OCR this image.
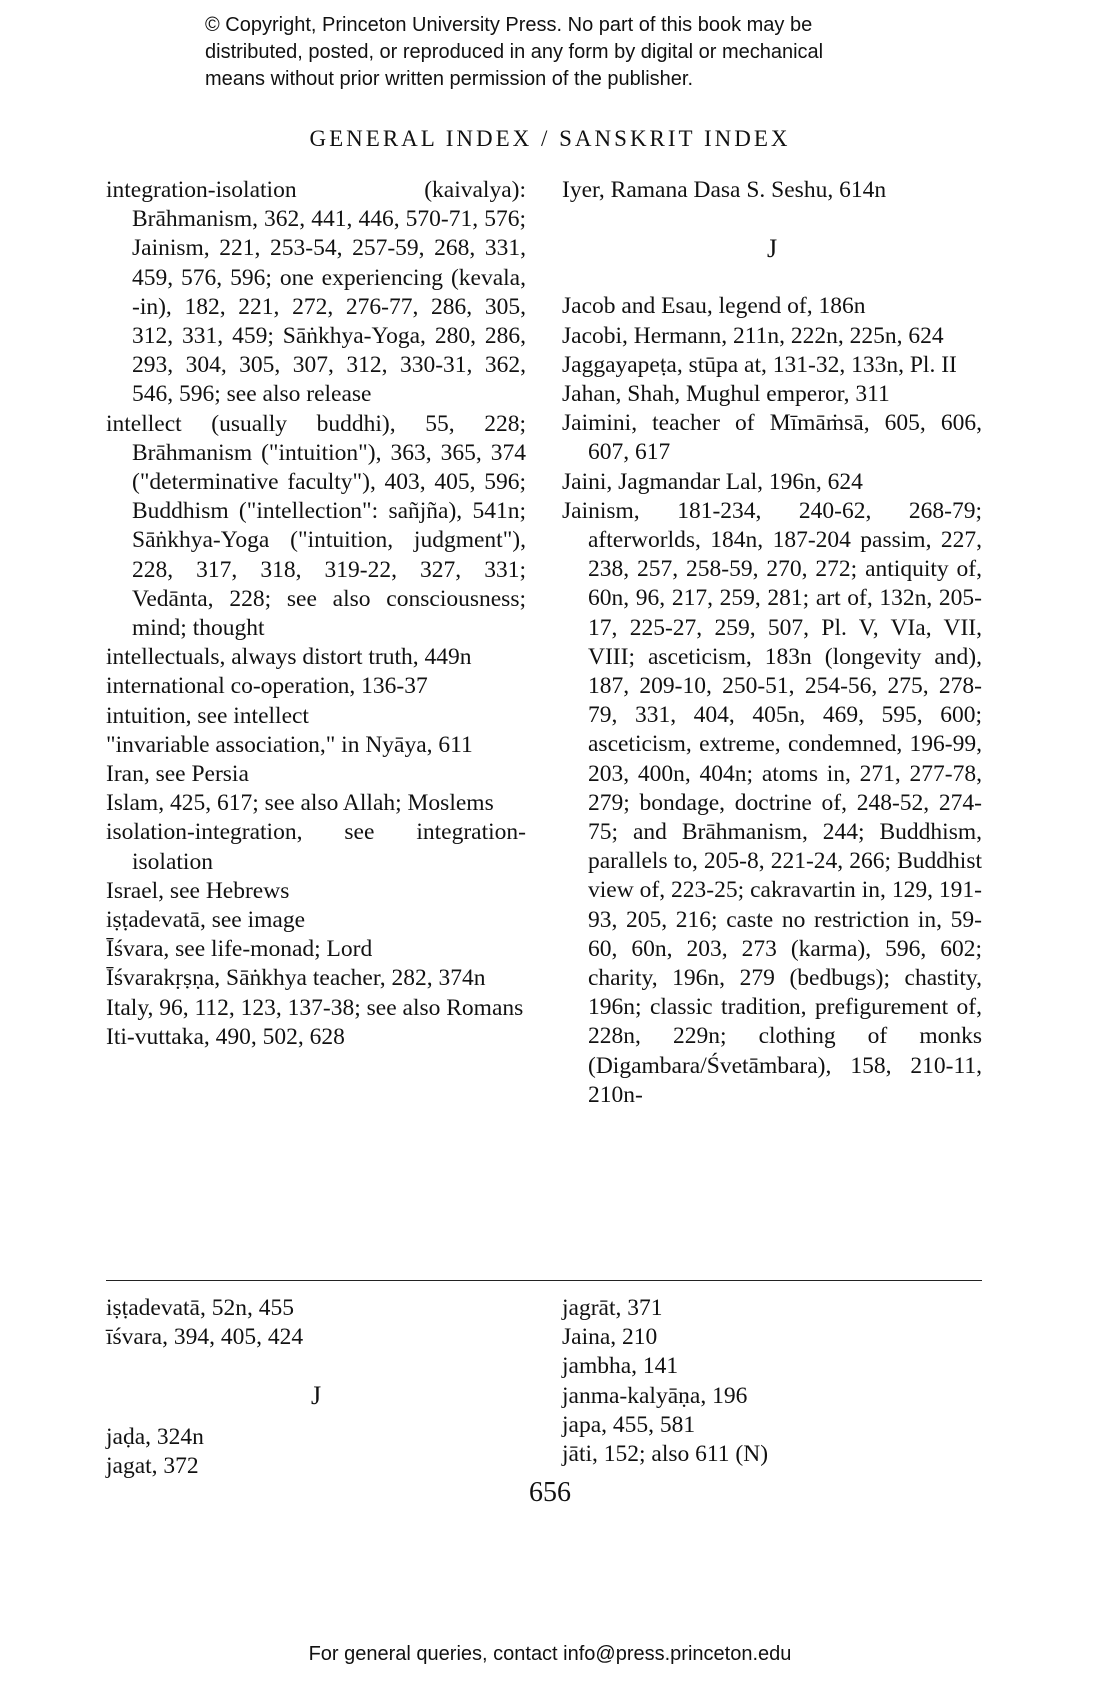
© Copyright, Princeton University Press. No part of this book may be
distributed, posted, or reproduced in any form by digital or mechanical
means without prior written permission of the publisher.
GENERAL INDEX / SANSKRIT INDEX
integration-isolation (kaivalya): Brāhmanism, 362, 441, 446, 570-71, 576; Jainism, 221, 253-54, 257-59, 268, 331, 459, 576, 596; one experiencing (kevala, -in), 182, 221, 272, 276-77, 286, 305, 312, 331, 459; Sāṅkhya-Yoga, 280, 286, 293, 304, 305, 307, 312, 330-31, 362, 546, 596; see also release
intellect (usually buddhi), 55, 228; Brāhmanism ("intuition"), 363, 365, 374 ("determinative faculty"), 403, 405, 596; Buddhism ("intellection": sañjña), 541n; Sāṅkhya-Yoga ("intuition, judgment"), 228, 317, 318, 319-22, 327, 331; Vedānta, 228; see also consciousness; mind; thought
intellectuals, always distort truth, 449n
international co-operation, 136-37
intuition, see intellect
"invariable association," in Nyāya, 611
Iran, see Persia
Islam, 425, 617; see also Allah; Moslems
isolation-integration, see integration-isolation
Israel, see Hebrews
iṣṭadevatā, see image
Īśvara, see life-monad; Lord
Īśvarakṛṣṇa, Sāṅkhya teacher, 282, 374n
Italy, 96, 112, 123, 137-38; see also Romans
Iti-vuttaka, 490, 502, 628
Iyer, Ramana Dasa S. Seshu, 614n
J
Jacob and Esau, legend of, 186n
Jacobi, Hermann, 211n, 222n, 225n, 624
Jaggayapeṭa, stūpa at, 131-32, 133n, Pl. II
Jahan, Shah, Mughul emperor, 311
Jaimini, teacher of Mīmāṁsā, 605, 606, 607, 617
Jaini, Jagmandar Lal, 196n, 624
Jainism, 181-234, 240-62, 268-79; afterworlds, 184n, 187-204 passim, 227, 238, 257, 258-59, 270, 272; antiquity of, 60n, 96, 217, 259, 281; art of, 132n, 205-17, 225-27, 259, 507, Pl. V, VIa, VII, VIII; asceticism, 183n (longevity and), 187, 209-10, 250-51, 254-56, 275, 278-79, 331, 404, 405n, 469, 595, 600; asceticism, extreme, condemned, 196-99, 203, 400n, 404n; atoms in, 271, 277-78, 279; bondage, doctrine of, 248-52, 274-75; and Brāhmanism, 244; Buddhism, parallels to, 205-8, 221-24, 266; Buddhist view of, 223-25; cakravartin in, 129, 191-93, 205, 216; caste no restriction in, 59-60, 60n, 203, 273 (karma), 596, 602; charity, 196n, 279 (bedbugs); chastity, 196n; classic tradition, prefigurement of, 228n, 229n; clothing of monks (Digambara/Śvetāmbara), 158, 210-11, 210n-
iṣṭadevatā, 52n, 455
īśvara, 394, 405, 424
J
jaḍa, 324n
jagat, 372
jagrāt, 371
Jaina, 210
jambha, 141
janma-kalyāṇa, 196
japa, 455, 581
jāti, 152; also 611 (N)
656
For general queries, contact info@press.princeton.edu
